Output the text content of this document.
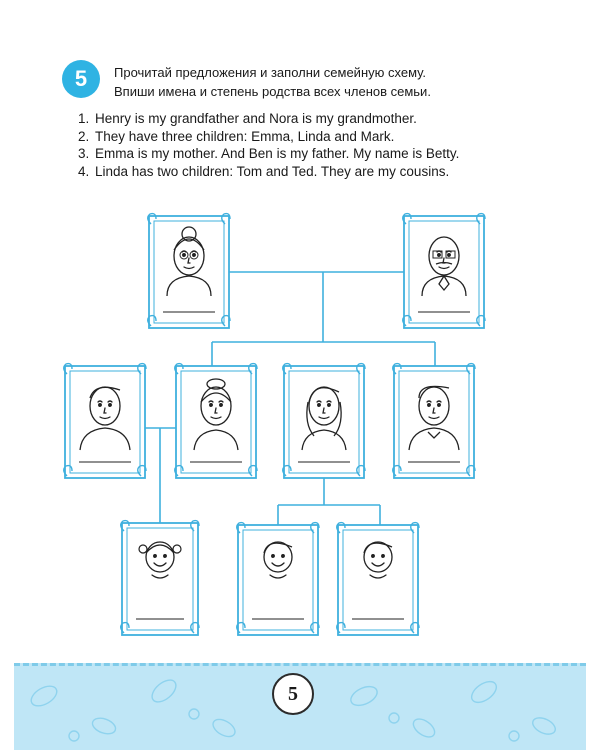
5	Прочитай предложения и заполни семейную схему.
Впиши имена и степень родства всех членов семьи.
1. Henry is my grandfather and Nora is my grandmother.
2. They have three children: Emma, Linda and Mark.
3. Emma is my mother. And Ben is my father. My name is Betty.
4. Linda has two children: Tom and Ted. They are my cousins.
5
